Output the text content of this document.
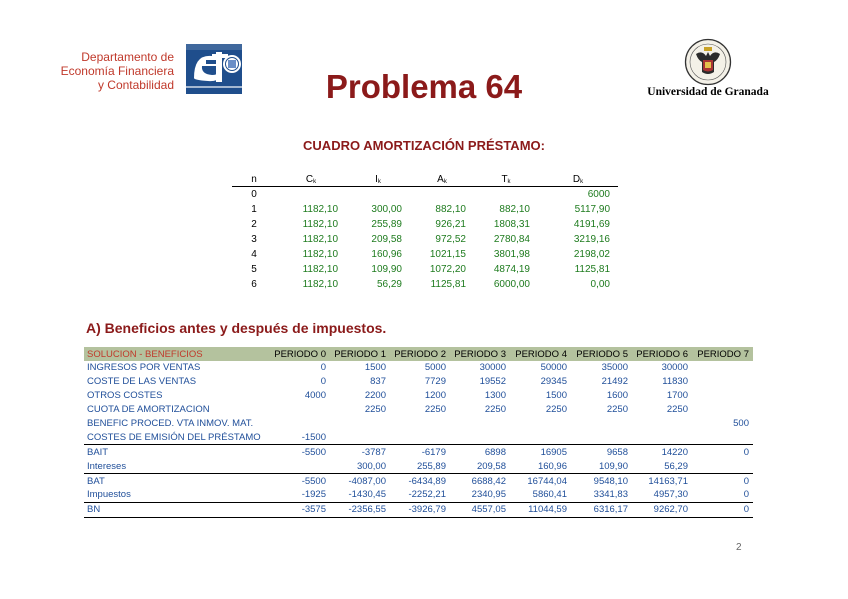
Departamento de
Economía Financiera
y Contabilidad	Problema 64	Universidad de Granada
CUADRO AMORTIZACIÓN PRÉSTAMO:
n	$C_k$	$I_k$	$A_k$	$T_k$	$D_k$
0					6000
1	1182,10	300,00	882,10	882,10	5117,90
2	1182,10	255,89	926,21	1808,31	4191,69
3	1182,10	209,58	972,52	2780,84	3219,16
4	1182,10	160,96	1021,15	3801,98	2198,02
5	1182,10	109,90	1072,20	4874,19	1125,81
6	1182,10	56,29	1125,81	6000,00	0,00
A) Beneficios antes y después de impuestos.
SOLUCION - BENEFICIOS	PERIODO 0	PERIODO 1	PERIODO 2	PERIODO 3	PERIODO 4	PERIODO 5	PERIODO 6	PERIODO 7
INGRESOS POR VENTAS	0	1500	5000	30000	50000	35000	30000	
COSTE DE LAS VENTAS	0	837	7729	19552	29345	21492	11830	
OTROS COSTES	4000	2200	1200	1300	1500	1600	1700	
CUOTA DE AMORTIZACION		2250	2250	2250	2250	2250	2250	
BENEFIC PROCED. VTA INMOV. MAT.								500
COSTES DE EMISIÓN DEL PRÉSTAMO	-1500							
BAIT	-5500	-3787	-6179	6898	16905	9658	14220	0
Intereses		300,00	255,89	209,58	160,96	109,90	56,29	
BAT	-5500	-4087,00	-6434,89	6688,42	16744,04	9548,10	14163,71	0
Impuestos	-1925	-1430,45	-2252,21	2340,95	5860,41	3341,83	4957,30	0
BN	-3575	-2356,55	-3926,79	4557,05	11044,59	6316,17	9262,70	0
2
